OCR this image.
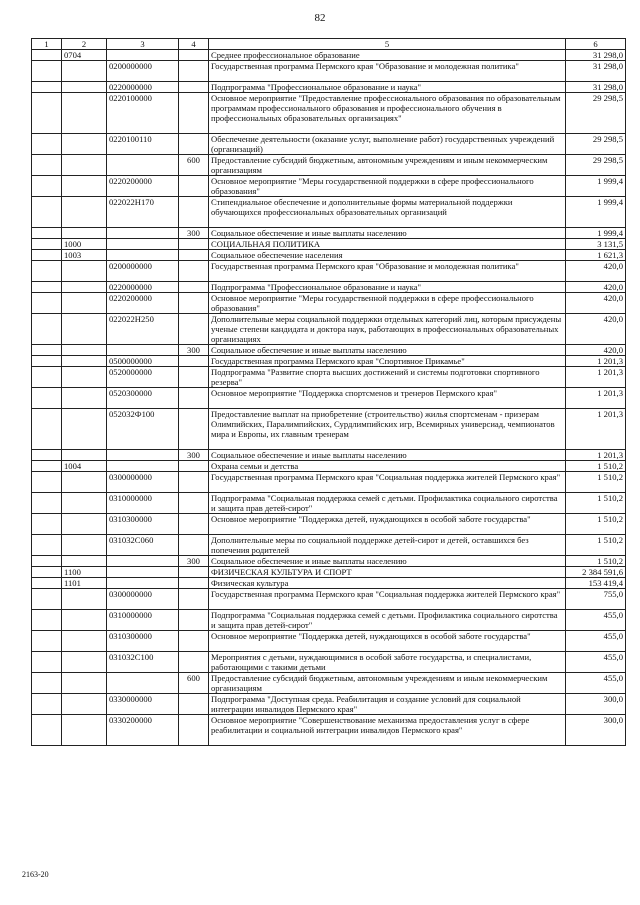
82
1	2	3	4	5	6
	0704			Среднее профессиональное образование	31 298,0
		0200000000		Государственная программа Пермского края "Образование и молодежная политика"	31 298,0
		0220000000		Подпрограмма "Профессиональное образование и наука"	31 298,0
		0220100000		Основное мероприятие "Предоставление профессионального образования по образовательным программам профессионального образования и профессионального обучения в профессиональных образовательных организациях"	29 298,5
		0220100110		Обеспечение деятельности (оказание услуг, выполнение работ) государственных учреждений (организаций)	29 298,5
			600	Предоставление субсидий бюджетным, автономным учреждениям и иным некоммерческим организациям	29 298,5
		0220200000		Основное мероприятие "Меры государственной поддержки в сфере профессионального образования"	1 999,4
		022022Н170		Стипендиальное обеспечение и дополнительные формы материальной поддержки обучающихся профессиональных образовательных организаций	1 999,4
			300	Социальное обеспечение и иные выплаты населению	1 999,4
	1000			СОЦИАЛЬНАЯ ПОЛИТИКА	3 131,5
	1003			Социальное обеспечение населения	1 621,3
		0200000000		Государственная программа Пермского края "Образование и молодежная политика"	420,0
		0220000000		Подпрограмма "Профессиональное образование и наука"	420,0
		0220200000		Основное мероприятие "Меры государственной поддержки в сфере профессионального образования"	420,0
		022022Н250		Дополнительные меры социальной поддержки отдельных категорий лиц, которым присуждены ученые степени кандидата и доктора наук, работающих в профессиональных образовательных организациях	420,0
			300	Социальное обеспечение и иные выплаты населению	420,0
		0500000000		Государственная программа Пермского края "Спортивное Прикамье"	1 201,3
		0520000000		Подпрограмма "Развитие спорта высших достижений и системы подготовки спортивного резерва"	1 201,3
		0520300000		Основное мероприятие "Поддержка спортсменов и тренеров Пермского края"	1 201,3
		052032Ф100		Предоставление выплат на приобретение (строительство) жилья спортсменам - призерам Олимпийских, Паралимпийских, Сурдлимпийских игр, Всемирных универсиад, чемпионатов мира и Европы, их главным тренерам	1 201,3
			300	Социальное обеспечение и иные выплаты населению	1 201,3
	1004			Охрана семьи и детства	1 510,2
		0300000000		Государственная программа Пермского края "Социальная поддержка жителей Пермского края"	1 510,2
		0310000000		Подпрограмма "Социальная поддержка семей с детьми. Профилактика социального сиротства и защита прав детей-сирот"	1 510,2
		0310300000		Основное мероприятие "Поддержка детей, нуждающихся в особой заботе государства"	1 510,2
		031032С060		Дополнительные меры по социальной поддержке детей-сирот и детей, оставшихся без попечения родителей	1 510,2
			300	Социальное обеспечение и иные выплаты населению	1 510,2
	1100			ФИЗИЧЕСКАЯ КУЛЬТУРА И СПОРТ	2 384 591,6
	1101			Физическая культура	153 419,4
		0300000000		Государственная программа Пермского края "Социальная поддержка жителей Пермского края"	755,0
		0310000000		Подпрограмма "Социальная поддержка семей с детьми. Профилактика социального сиротства и защита прав детей-сирот"	455,0
		0310300000		Основное мероприятие "Поддержка детей, нуждающихся в особой заботе государства"	455,0
		031032С100		Мероприятия с детьми, нуждающимися в особой заботе государства, и специалистами, работающими с такими детьми	455,0
			600	Предоставление субсидий бюджетным, автономным учреждениям и иным некоммерческим организациям	455,0
		0330000000		Подпрограмма "Доступная среда. Реабилитация и создание условий для социальной интеграции инвалидов Пермского края"	300,0
		0330200000		Основное мероприятие "Совершенствование механизма предоставления услуг в сфере реабилитации и социальной интеграции инвалидов Пермского края"	300,0
2163-20
